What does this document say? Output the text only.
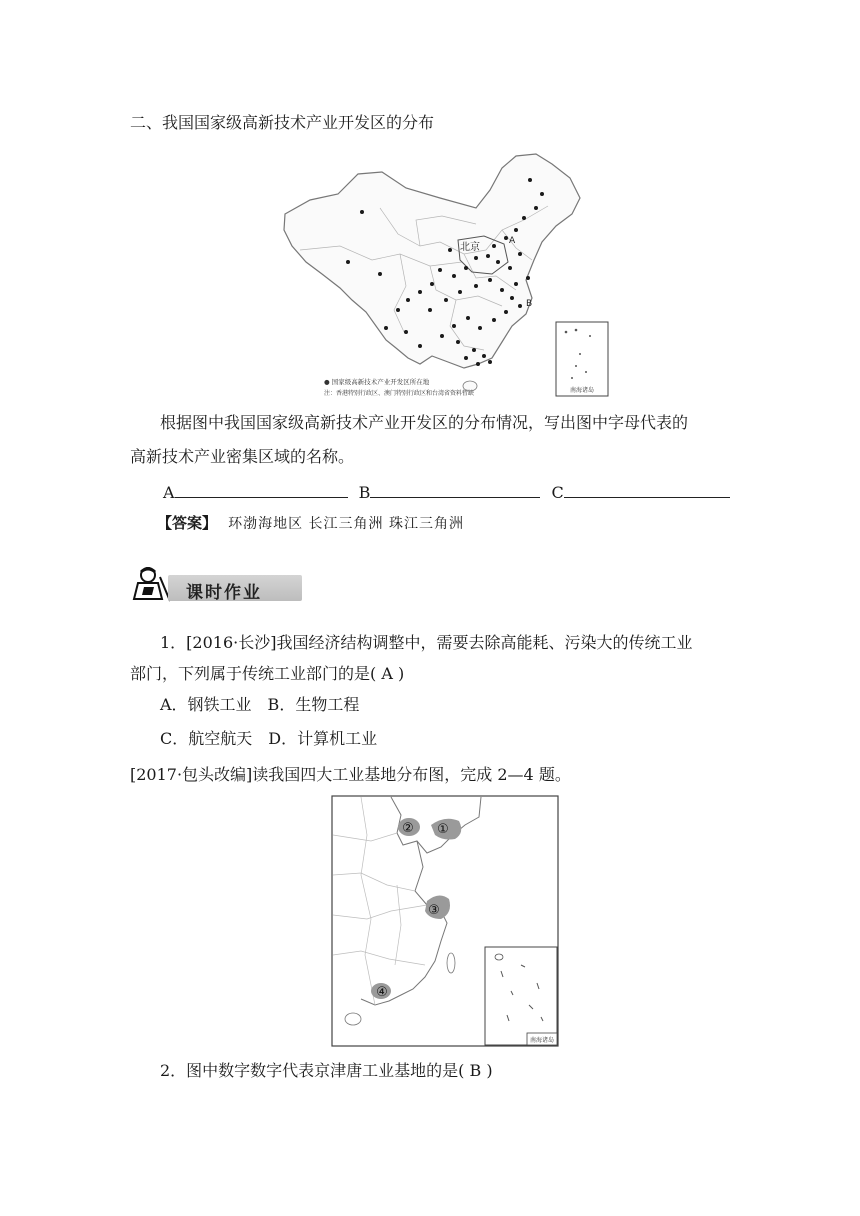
二、我国国家级高新技术产业开发区的分布
北京
A
B
● 国家级高新技术产业开发区所在地
注：香港特别行政区、澳门特别行政区和台湾省资料暂缺	南海诸岛
根据图中我国国家级高新技术产业开发区的分布情况，写出图中字母代表的
高新技术产业密集区域的名称。
A	B	C
【答案】 环渤海地区 长江三角洲 珠江三角洲
课时作业
1．[2016·长沙]我国经济结构调整中，需要去除高能耗、污染大的传统工业
部门，下列属于传统工业部门的是( A )
A．钢铁工业　B．生物工程
C．航空航天　D．计算机工业
[2017·包头改编]读我国四大工业基地分布图，完成 2—4 题。
①
②
③
④
南海诸岛
2．图中数字数字代表京津唐工业基地的是( B )
